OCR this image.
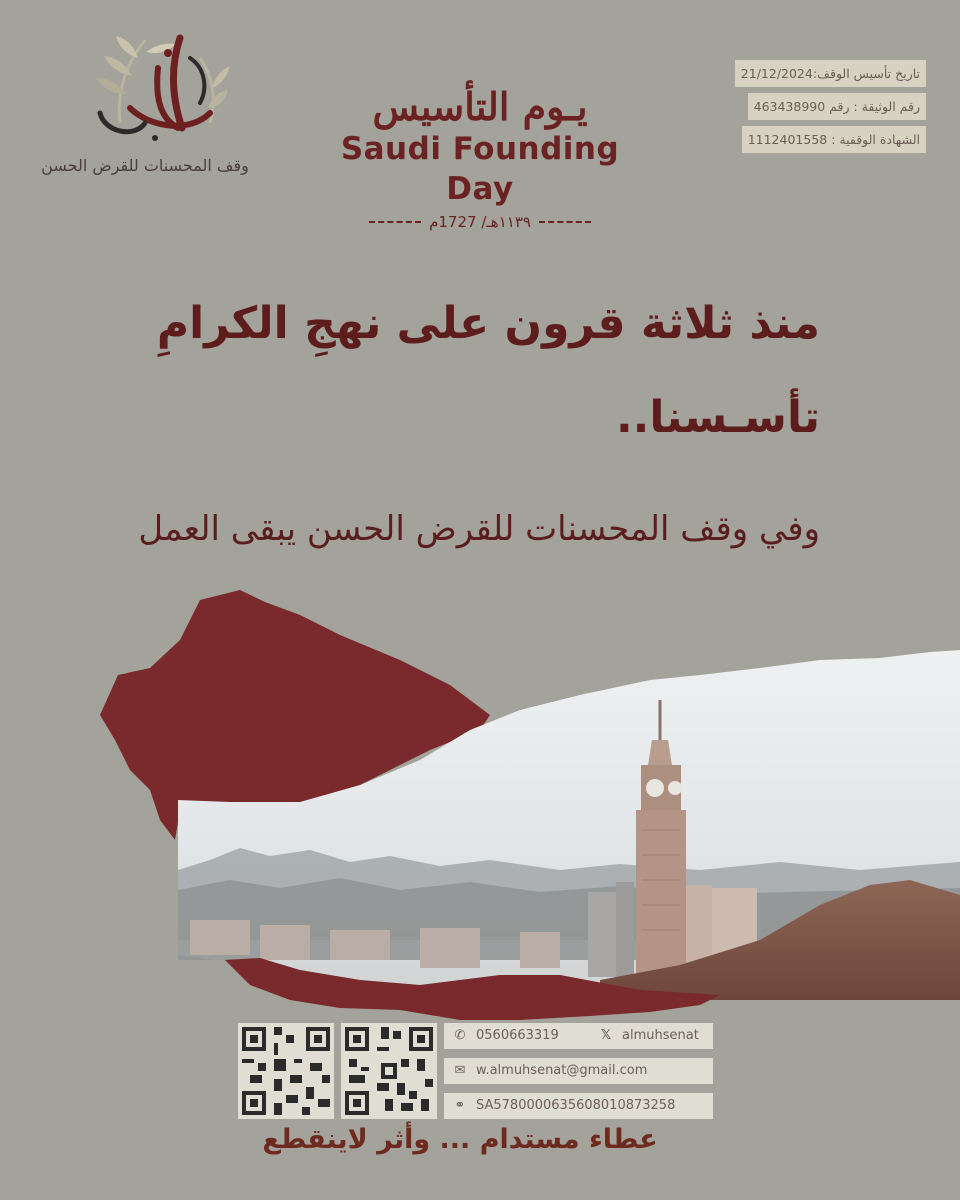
وقف المحسنات للقرض الحسن
يـوم التأسيس
Saudi Founding Day
١١٣٩هـ/ 1727م
تاريخ تأسيس الوقف:21/12/2024
رقم الوثيقة : رقم 463438990
الشهادة الوقفية : 1112401558
منذ ثلاثة قرون على نهجِ الكرامِ
تأسـسنا..
وفي وقف المحسنات للقرض الحسن يبقى العمل
✆ 0560663319	𝕏 almuhsenat
✉ w.almuhsenat@gmail.com
⚭ SA5780000635608010873258
عطاء مستدام ... وأثر لاينقطع
